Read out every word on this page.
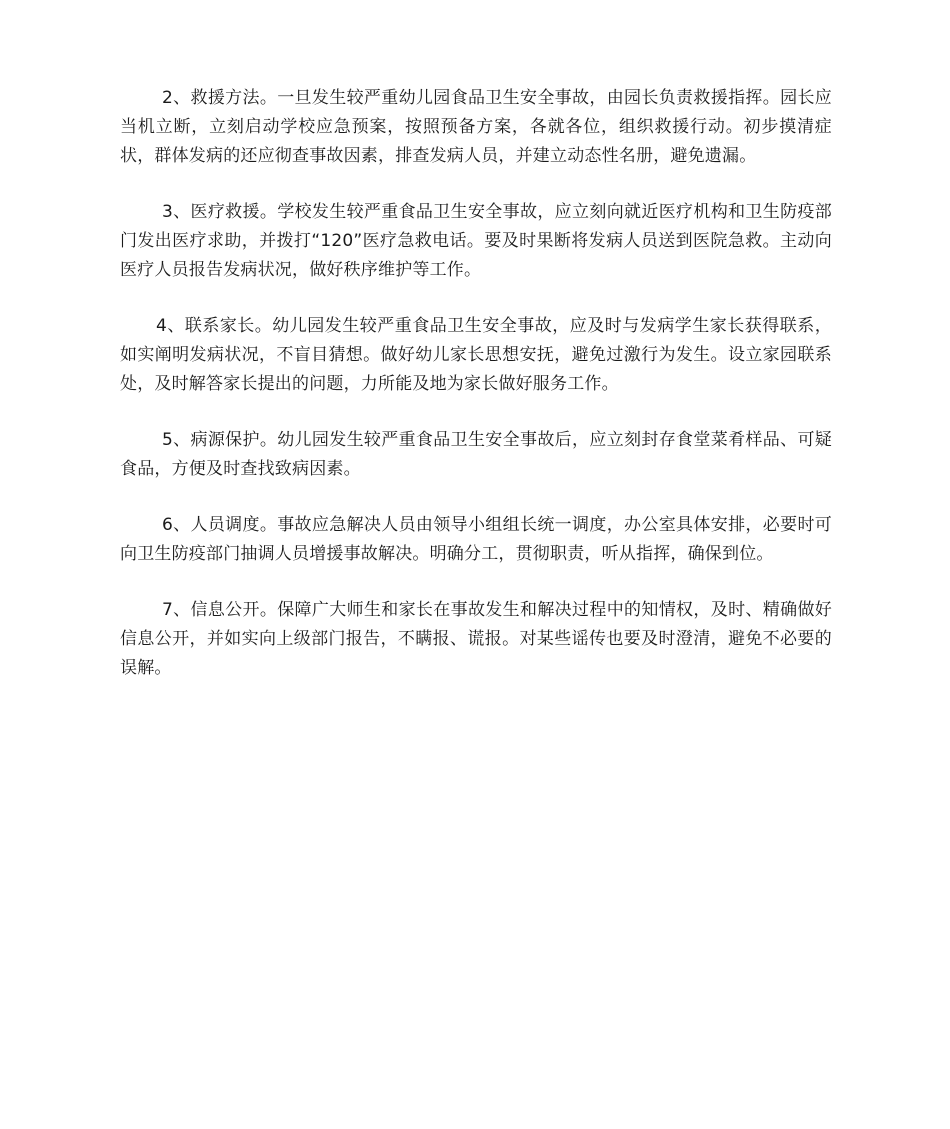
2、救援方法。一旦发生较严重幼儿园食品卫生安全事故，由园长负责救援指挥。园长应当机立断，立刻启动学校应急预案，按照预备方案，各就各位，组织救援行动。初步摸清症状，群体发病的还应彻查事故因素，排查发病人员，并建立动态性名册，避免遗漏。

3、医疗救援。学校发生较严重食品卫生安全事故，应立刻向就近医疗机构和卫生防疫部门发出医疗求助，并拨打“120”医疗急救电话。要及时果断将发病人员送到医院急救。主动向医疗人员报告发病状况，做好秩序维护等工作。

4、联系家长。幼儿园发生较严重食品卫生安全事故，应及时与发病学生家长获得联系，如实阐明发病状况，不盲目猜想。做好幼儿家长思想安抚，避免过激行为发生。设立家园联系处，及时解答家长提出的问题，力所能及地为家长做好服务工作。

5、病源保护。幼儿园发生较严重食品卫生安全事故后，应立刻封存食堂菜肴样品、可疑食品，方便及时查找致病因素。

6、人员调度。事故应急解决人员由领导小组组长统一调度，办公室具体安排，必要时可向卫生防疫部门抽调人员增援事故解决。明确分工，贯彻职责，听从指挥，确保到位。

7、信息公开。保障广大师生和家长在事故发生和解决过程中的知情权，及时、精确做好信息公开，并如实向上级部门报告，不瞒报、谎报。对某些谣传也要及时澄清，避免不必要的误解。
